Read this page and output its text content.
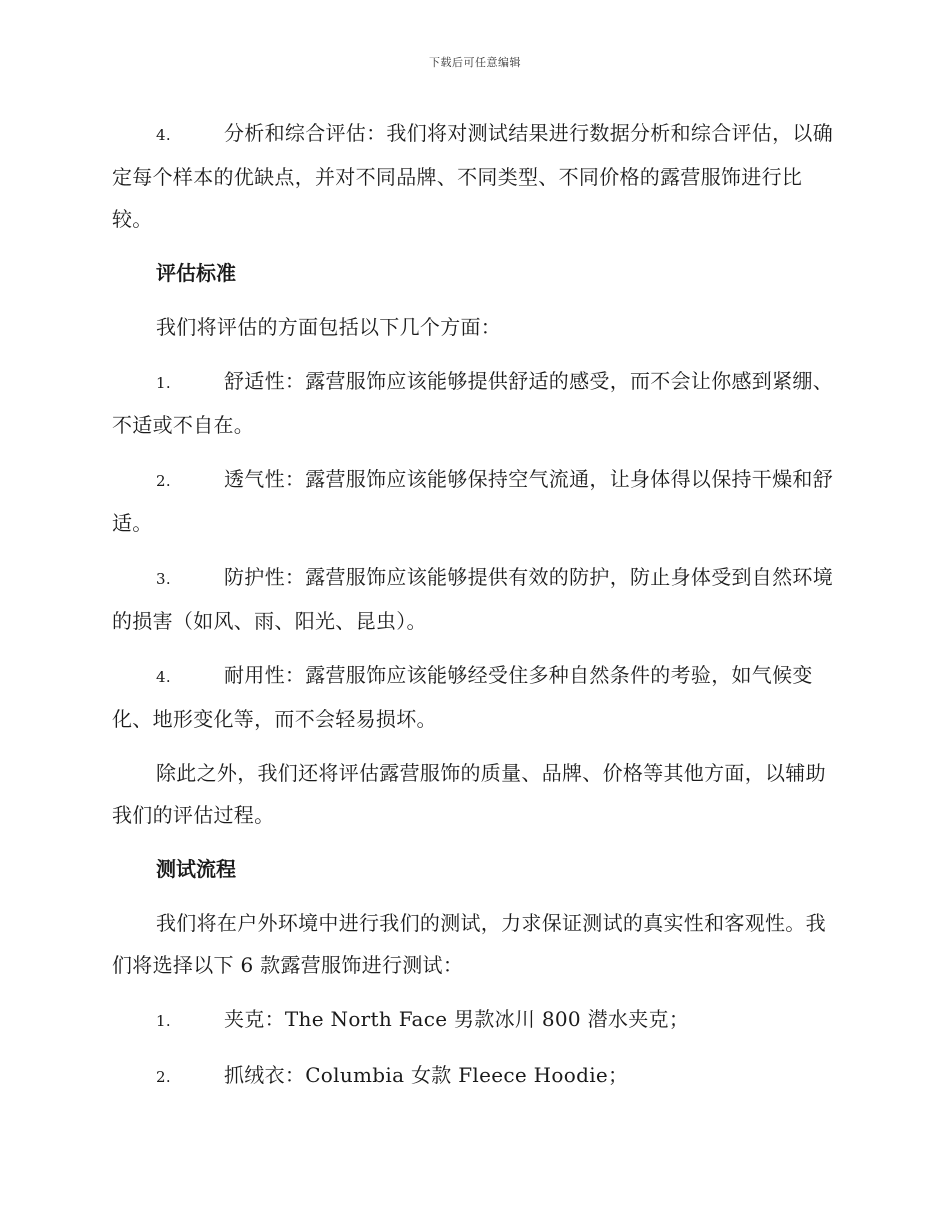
下载后可任意编辑

4.	分析和综合评估：我们将对测试结果进行数据分析和综合评估，以确定每个样本的优缺点，并对不同品牌、不同类型、不同价格的露营服饰进行比较。

评估标准

我们将评估的方面包括以下几个方面：

1.	舒适性：露营服饰应该能够提供舒适的感受，而不会让你感到紧绷、不适或不自在。

2.	透气性：露营服饰应该能够保持空气流通，让身体得以保持干燥和舒适。

3.	防护性：露营服饰应该能够提供有效的防护，防止身体受到自然环境的损害（如风、雨、阳光、昆虫）。

4.	耐用性：露营服饰应该能够经受住多种自然条件的考验，如气候变化、地形变化等，而不会轻易损坏。

除此之外，我们还将评估露营服饰的质量、品牌、价格等其他方面，以辅助我们的评估过程。

测试流程

我们将在户外环境中进行我们的测试，力求保证测试的真实性和客观性。我们将选择以下 6 款露营服饰进行测试：

1.	夹克：The North Face 男款冰川 800 潜水夹克；

2.	抓绒衣：Columbia 女款 Fleece Hoodie；
